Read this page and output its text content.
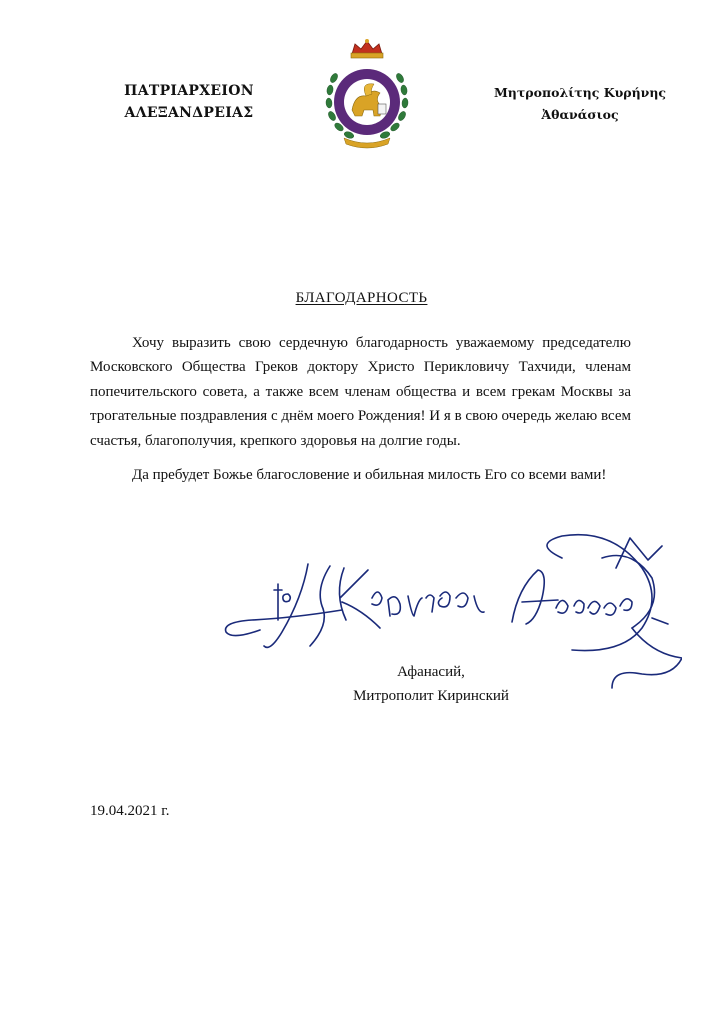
ΠΑΤΡΙΑΡΧΕΙΟΝ
ΑΛΕΞΑΝΔΡΕΙΑΣ
Μητροπολίτης Κυρήνης
Ἀθανάσιος
БЛАГОДАРНОСТЬ

Хочу выразить свою сердечную благодарность уважаемому председателю Московского Общества Греков доктору Христо Периклoвичу Тахчиди, членам попечительского совета, а также всем членам общества и всем грекам Москвы за трогательные поздравления с днём моего Рождения! И я в свою очередь желаю всем счастья, благополучия, крепкого здоровья на долгие годы.

Да пребудет Божье благословение и обильная милость Его со всеми вами!

Афанасий,
Митрополит Киринский
19.04.2021 г.
